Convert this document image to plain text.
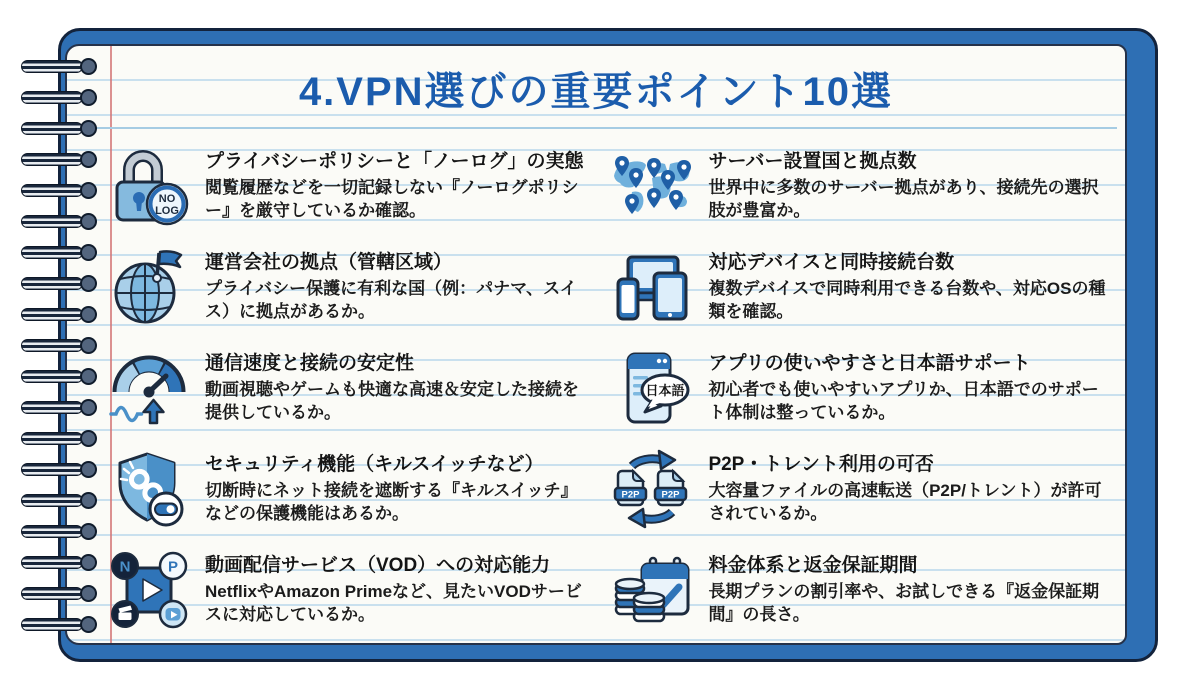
4.VPN選びの重要ポイント10選
NO
LOG
プライバシーポリシーと「ノーログ」の実態

閲覧履歴などを一切記録しない『ノーログポリシー』を厳守しているか確認。

サーバー設置国と拠点数

世界中に多数のサーバー拠点があり、接続先の選択肢が豊富か。

運営会社の拠点（管轄区域）

プライバシー保護に有利な国（例：パナマ、スイス）に拠点があるか。

対応デバイスと同時接続台数

複数デバイスで同時利用できる台数や、対応OSの種類を確認。

通信速度と接続の安定性

動画視聴やゲームも快適な高速＆安定した接続を提供しているか。

日本語
アプリの使いやすさと日本語サポート

初心者でも使いやすいアプリか、日本語でのサポート体制は整っているか。

セキュリティ機能（キルスイッチなど）

切断時にネット接続を遮断する『キルスイッチ』などの保護機能はあるか。

P2P P2P
P2P・トレント利用の可否

大容量ファイルの高速転送（P2P/トレント）が許可されているか。

N	P 動画配信サービス（VOD）への対応能力

NetflixやAmazon Primeなど、見たいVODサービスに対応しているか。

料金体系と返金保証期間

長期プランの割引率や、お試しできる『返金保証期間』の長さ。
